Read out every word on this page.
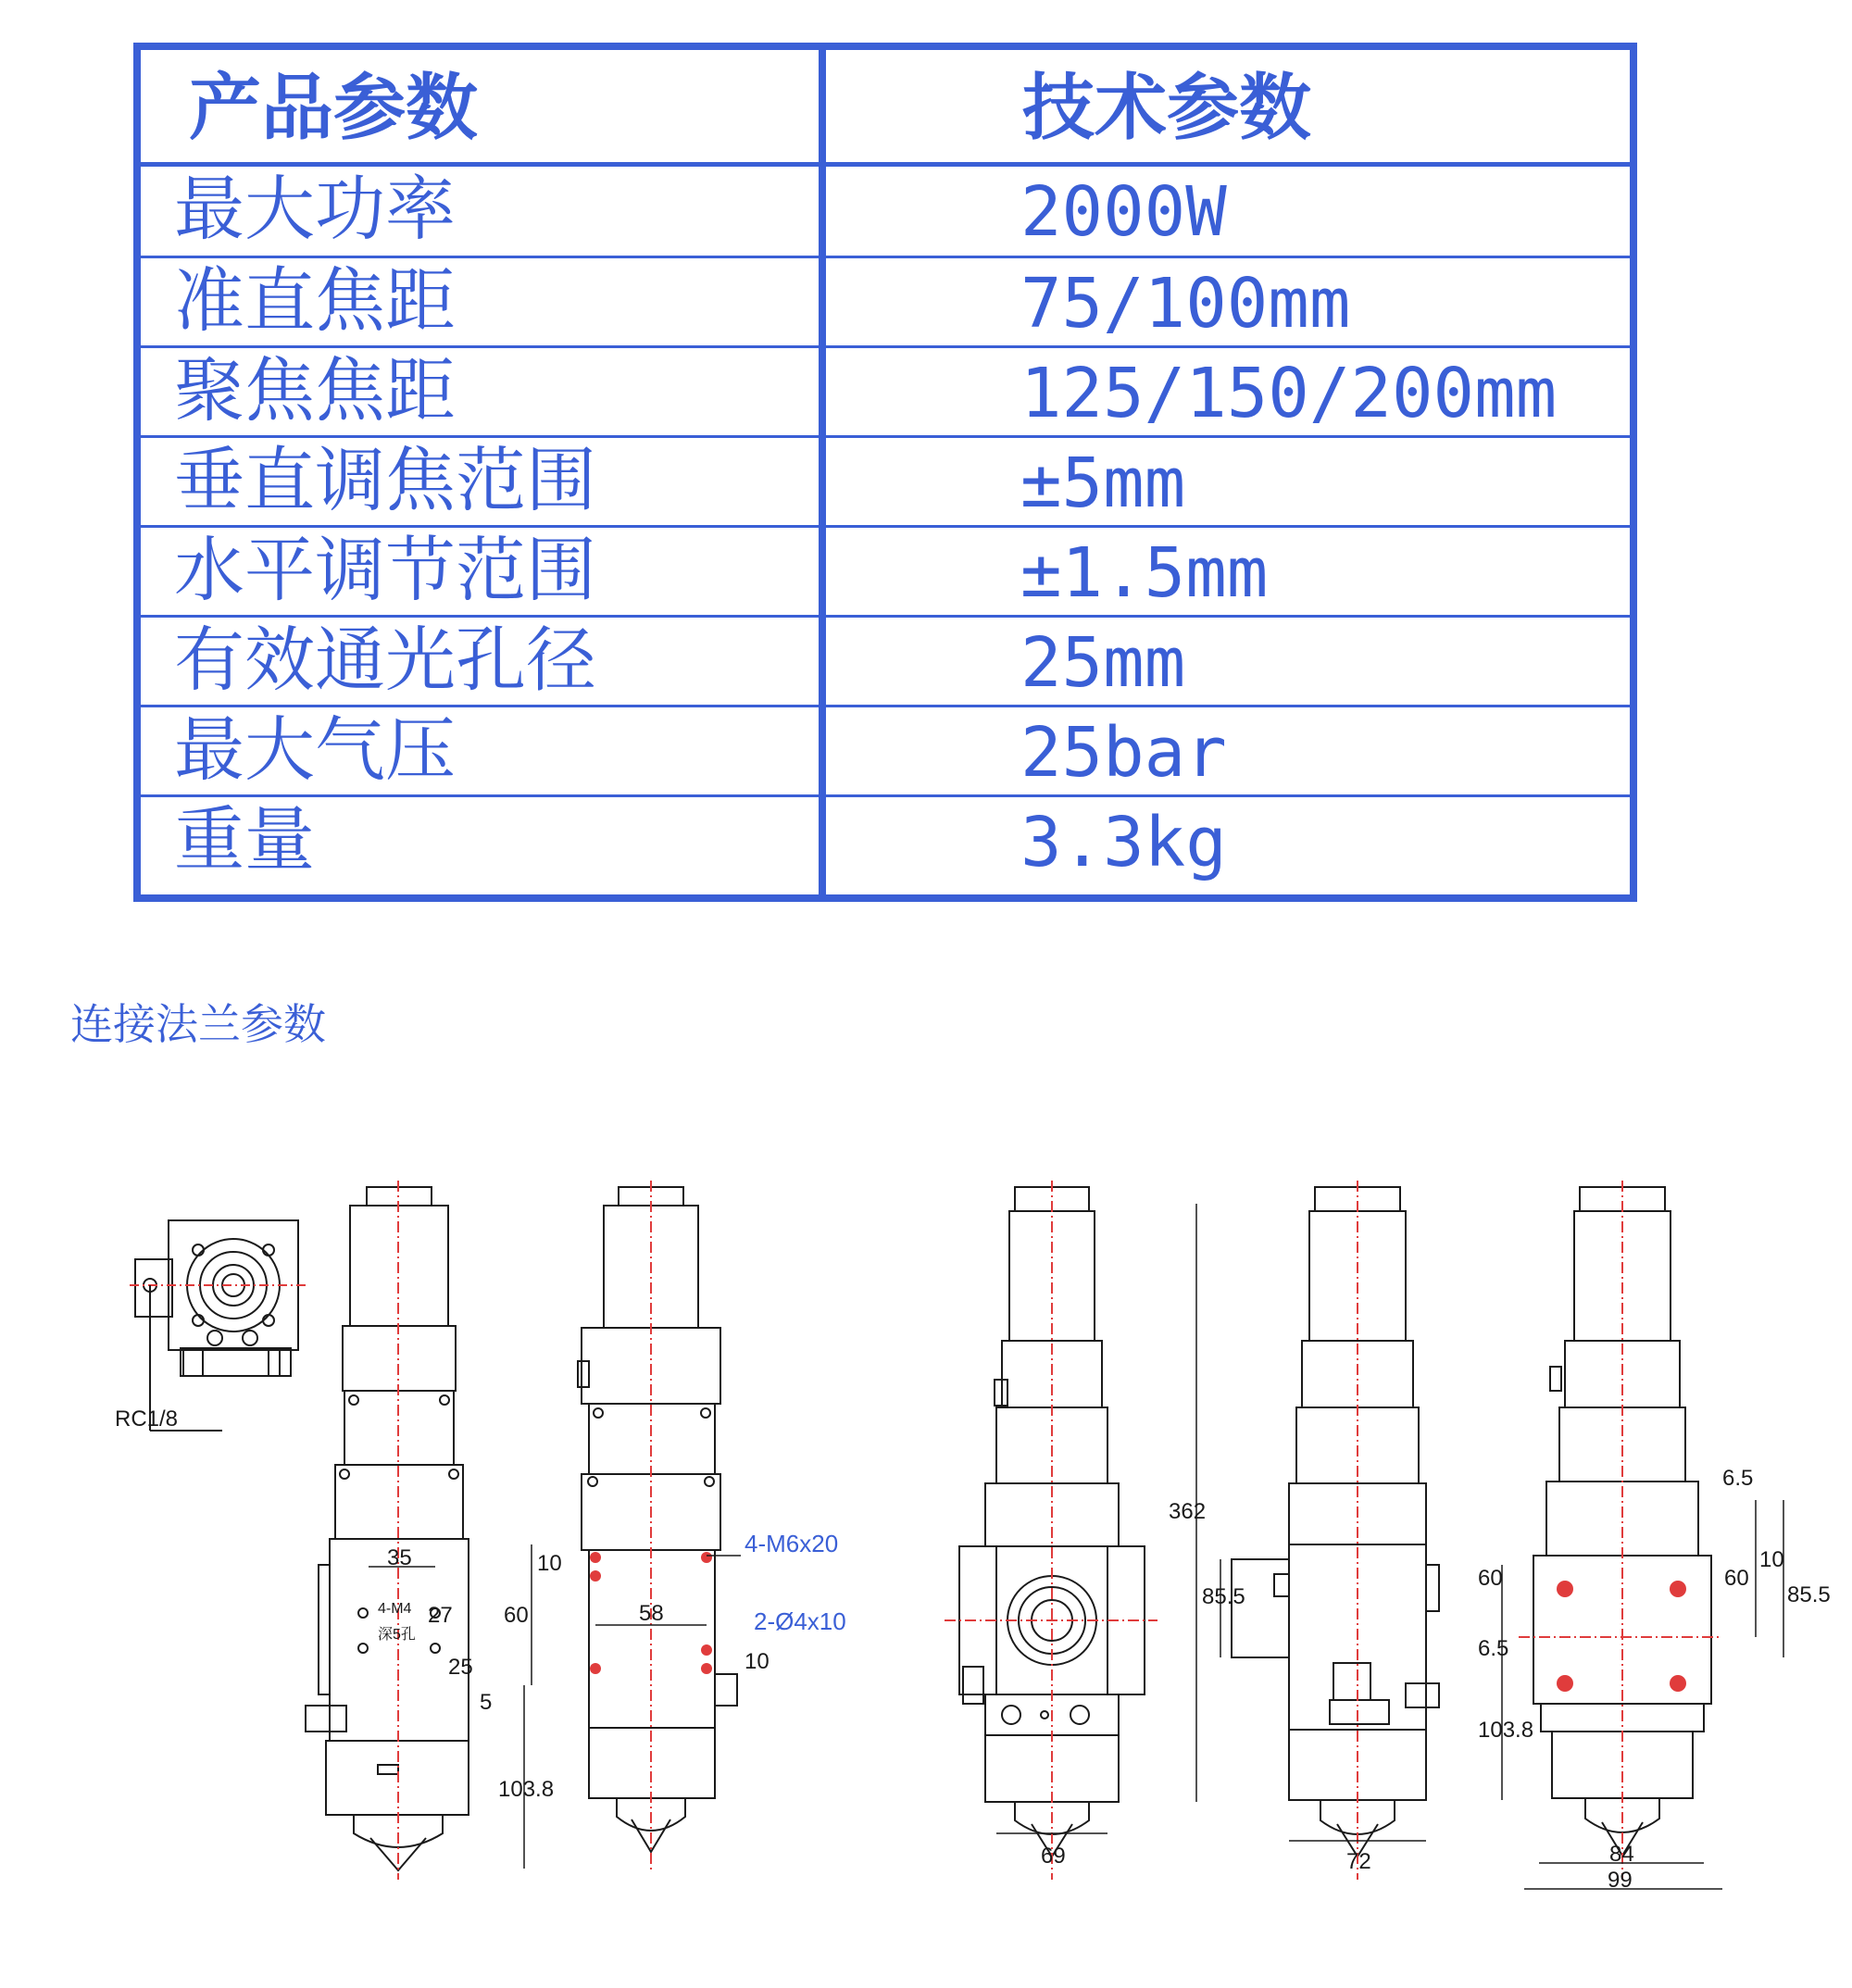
产品参数	技术参数
最大功率	2000W
准直焦距	75/100mm
聚焦焦距	125/150/200mm
垂直调焦范围	±5mm
水平调节范围	±1.5mm
有效通光孔径	25mm
最大气压	25bar
重量	3.3kg
连接法兰参数
RC1/8
35
4-M4
深5孔
27
25
5
58
10
10
60
103.8
362
85.5
69	72
6.5
6.5
60	60
10
85.5
103.8
84
99
4-M6x20
2-Ø4x10
